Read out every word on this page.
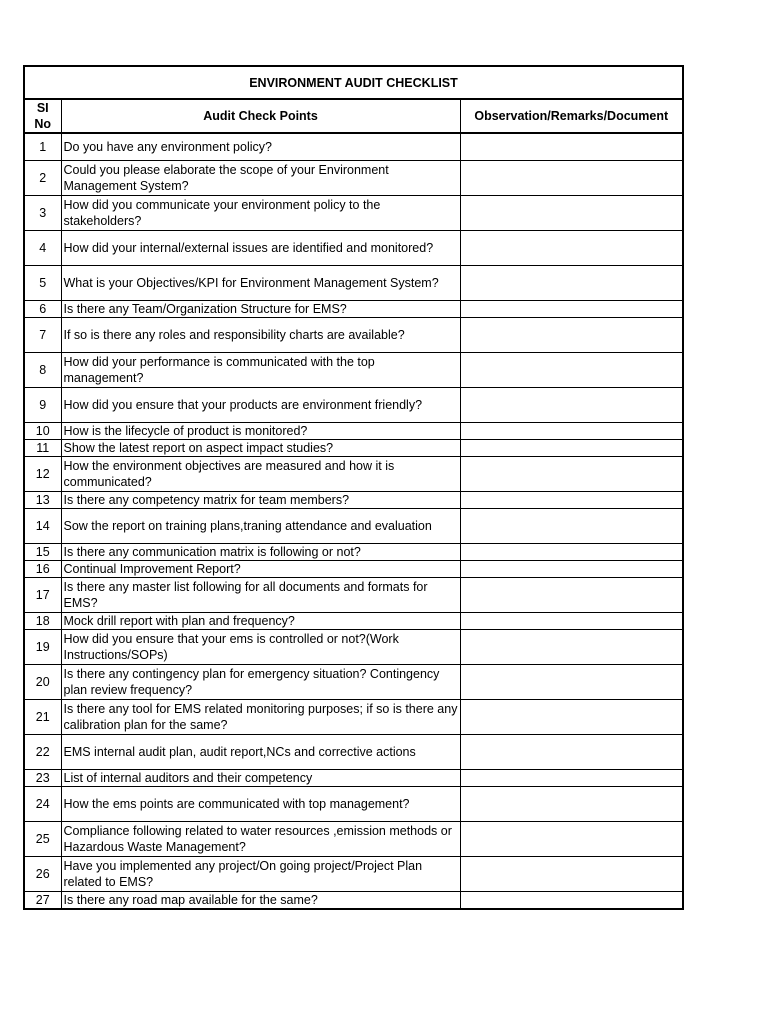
ENVIRONMENT AUDIT CHECKLIST		
SI No	Audit Check Points	Observation/Remarks/Document
1	Do you have any environment policy?	
2	Could you please elaborate the scope of your Environment Management System?	
3	How did you communicate your environment policy to the stakeholders?	
4	How did your internal/external issues are identified and monitored?	
5	What is your Objectives/KPI for Environment Management System?	
6	Is there any Team/Organization Structure for EMS?	
7	If so is there any roles and responsibility charts are available?	
8	How did your performance is communicated with the top management?	
9	How did you ensure that your products are environment friendly?	
10	How is the lifecycle of product is monitored?	
11	Show the latest report on aspect impact studies?	
12	How the environment objectives are measured and how it is communicated?	
13	Is there any competency matrix for team members?	
14	Sow the report on training plans,traning attendance and evaluation	
15	Is there any communication matrix is following or not?	
16	Continual Improvement Report?	
17	Is there any master list following for all documents and formats for EMS?	
18	Mock drill report with plan and frequency?	
19	How did you ensure that your ems is controlled or not?(Work Instructions/SOPs)	
20	Is there any contingency plan for emergency situation? Contingency plan review frequency?	
21	Is there any tool for EMS related monitoring purposes; if so is there any calibration plan for the same?	
22	EMS internal audit plan, audit report,NCs and corrective actions	
23	List of internal auditors and their competency	
24	How the ems points are communicated with top management?	
25	Compliance following related to water resources ,emission methods or Hazardous Waste Management?	
26	Have you implemented any project/On going project/Project Plan related to EMS?	
27	Is there any road map available for the same?	
